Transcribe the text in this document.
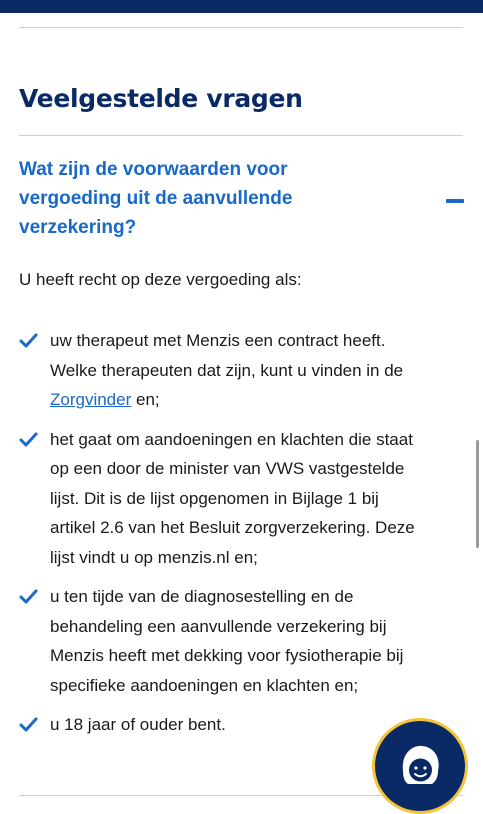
Veelgestelde vragen
Wat zijn de voorwaarden voor vergoeding uit de aanvullende verzekering?

U heeft recht op deze vergoeding als:

uw therapeut met Menzis een contract heeft. Welke therapeuten dat zijn, kunt u vinden in de Zorgvinder en;
het gaat om aandoeningen en klachten die staat op een door de minister van VWS vastgestelde lijst. Dit is de lijst opgenomen in Bijlage 1 bij artikel 2.6 van het Besluit zorgverzekering. Deze lijst vindt u op menzis.nl en;
u ten tijde van de diagnosestelling en de behandeling een aanvullende verzekering bij Menzis heeft met dekking voor fysiotherapie bij specifieke aandoeningen en klachten en;
u 18 jaar of ouder bent.
